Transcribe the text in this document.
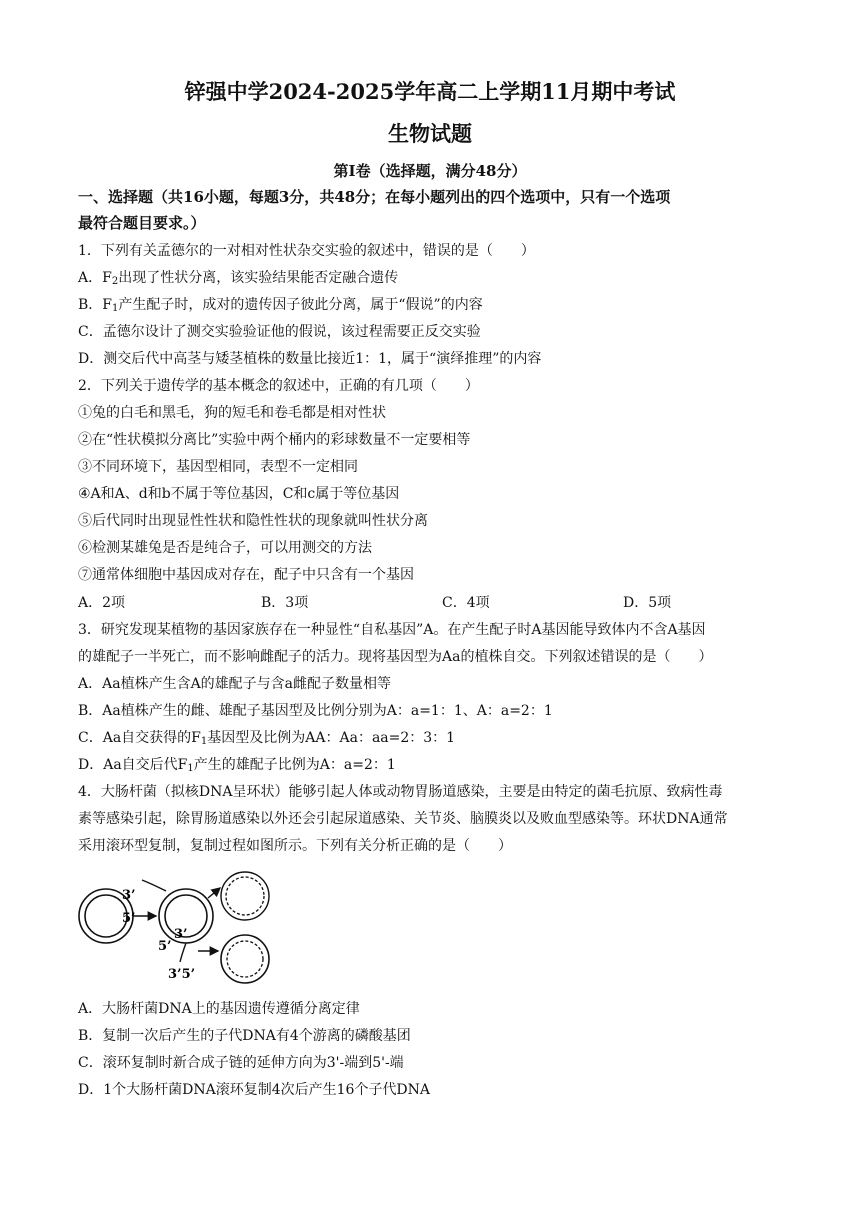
锌强中学2024-2025学年高二上学期11月期中考试
生物试题
第Ⅰ卷（选择题，满分48分）
一、选择题（共16小题，每题3分，共48分；在每小题列出的四个选项中，只有一个选项
最符合题目要求。）
1．下列有关孟德尔的一对相对性状杂交实验的叙述中，错误的是（　　）
A．$F_2$出现了性状分离，该实验结果能否定融合遗传
B．$F_1$产生配子时，成对的遗传因子彼此分离，属于“假说”的内容
C．孟德尔设计了测交实验验证他的假说，该过程需要正反交实验
D．测交后代中高茎与矮茎植株的数量比接近1：1，属于“演绎推理”的内容
2．下列关于遗传学的基本概念的叙述中，正确的有几项（　　）
①兔的白毛和黑毛，狗的短毛和卷毛都是相对性状
②在“性状模拟分离比”实验中两个桶内的彩球数量不一定要相等
③不同环境下，基因型相同，表型不一定相同
④A和A、d和b不属于等位基因，C和c属于等位基因
⑤后代同时出现显性性状和隐性性状的现象就叫性状分离
⑥检测某雄兔是否是纯合子，可以用测交的方法
⑦通常体细胞中基因成对存在，配子中只含有一个基因
A．2项	B．3项	C．4项	D．5项
3．研究发现某植物的基因家族存在一种显性“自私基因”A。在产生配子时A基因能导致体内不含A基因
的雄配子一半死亡，而不影响雌配子的活力。现将基因型为Aa的植株自交。下列叙述错误的是（　　）
A．Aa植株产生含A的雄配子与含a雌配子数量相等
B．Aa植株产生的雌、雄配子基因型及比例分别为A：a=1：1、A：a=2：1
C．Aa自交获得的$F_1$基因型及比例为AA：Aa：aa=2：3：1
D．Aa自交后代$F_1$产生的雄配子比例为A：a=2：1
4．大肠杆菌（拟核DNA呈环状）能够引起人体或动物胃肠道感染，主要是由特定的菌毛抗原、致病性毒
素等感染引起，除胃肠道感染以外还会引起尿道感染、关节炎、脑膜炎以及败血型感染等。环状DNA通常
采用滚环型复制，复制过程如图所示。下列有关分析正确的是（　　）
3’
5’
3’
5’
3’5’
A．大肠杆菌DNA上的基因遗传遵循分离定律
B．复制一次后产生的子代DNA有4个游离的磷酸基团
C．滚环复制时新合成子链的延伸方向为3'-端到5'-端
D．1个大肠杆菌DNA滚环复制4次后产生16个子代DNA
